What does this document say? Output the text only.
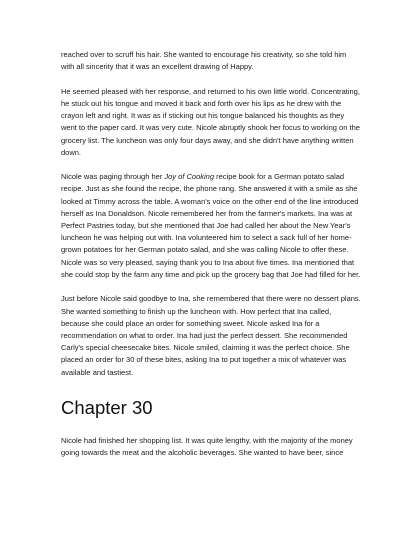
reached over to scruff his hair. She wanted to encourage his creativity, so she told him with all sincerity that it was an excellent drawing of Happy.

He seemed pleased with her response, and returned to his own little world. Concentrating, he stuck out his tongue and moved it back and forth over his lips as he drew with the crayon left and right. It was as if sticking out his tongue balanced his thoughts as they went to the paper card. It was very cute. Nicole abruptly shook her focus to working on the grocery list. The luncheon was only four days away, and she didn't have anything written down.

Nicole was paging through her Joy of Cooking recipe book for a German potato salad recipe. Just as she found the recipe, the phone rang. She answered it with a smile as she looked at Timmy across the table. A woman's voice on the other end of the line introduced herself as Ina Donaldson. Nicole remembered her from the farmer's markets. Ina was at Perfect Pastries today, but she mentioned that Joe had called her about the New Year's luncheon he was helping out with. Ina volunteered him to select a sack full of her home-grown potatoes for her German potato salad, and she was calling Nicole to offer these. Nicole was so very pleased, saying thank you to Ina about five times. Ina mentioned that she could stop by the farm any time and pick up the grocery bag that Joe had filled for her.

Just before Nicole said goodbye to Ina, she remembered that there were no dessert plans. She wanted something to finish up the luncheon with. How perfect that Ina called, because she could place an order for something sweet. Nicole asked Ina for a recommendation on what to order. Ina had just the perfect dessert. She recommended Carly's special cheesecake bites. Nicole smiled, claiming it was the perfect choice. She placed an order for 30 of these bites, asking Ina to put together a mix of whatever was available and tastiest.

Chapter 30

Nicole had finished her shopping list. It was quite lengthy, with the majority of the money going towards the meat and the alcoholic beverages. She wanted to have beer, since
